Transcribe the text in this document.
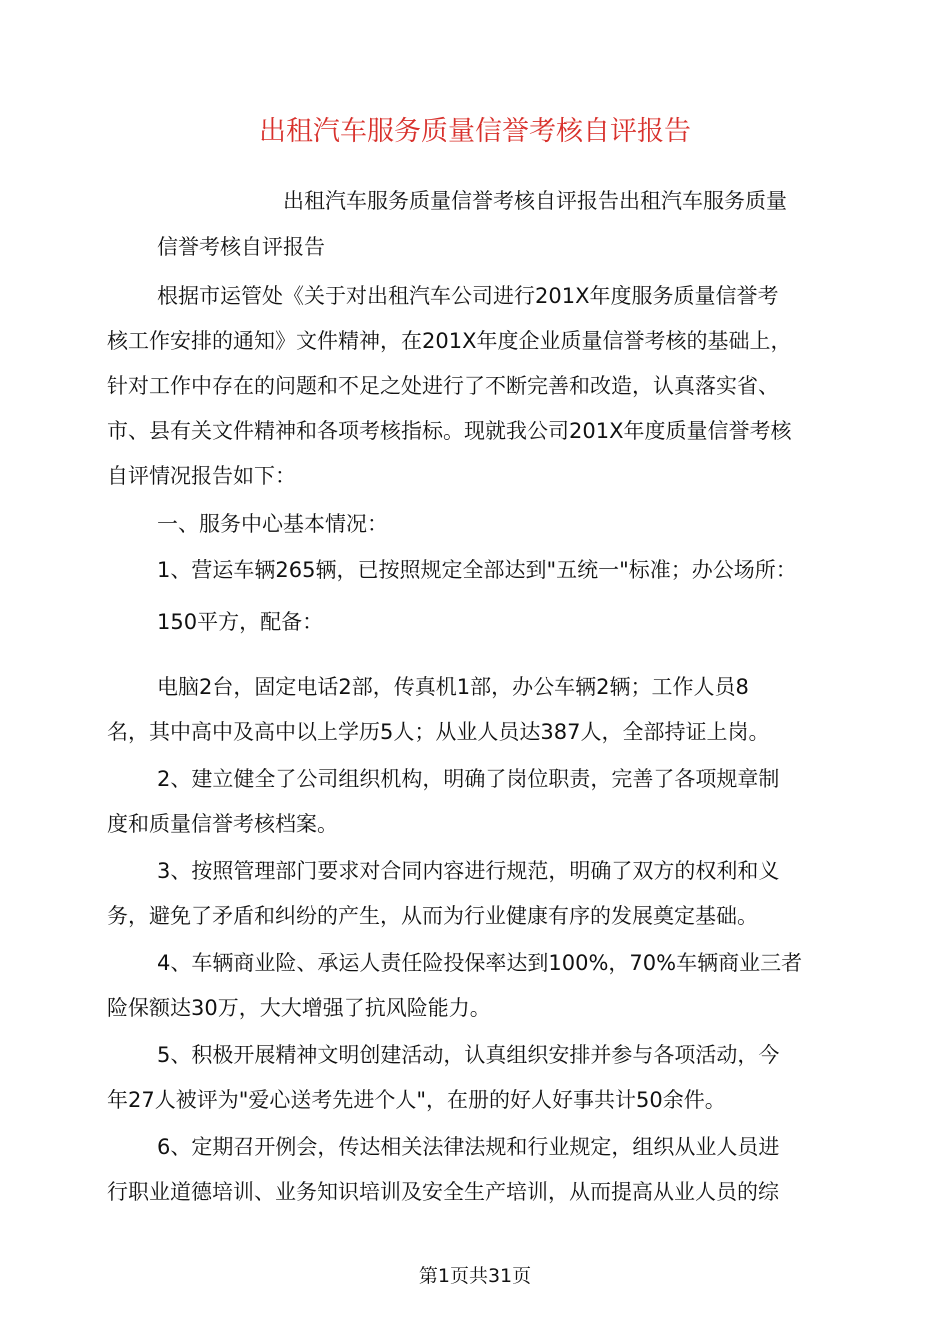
出租汽车服务质量信誉考核自评报告
出租汽车服务质量信誉考核自评报告出租汽车服务质量
信誉考核自评报告
根据市运管处《关于对出租汽车公司进行201X年度服务质量信誉考
核工作安排的通知》文件精神，在201X年度企业质量信誉考核的基础上，
针对工作中存在的问题和不足之处进行了不断完善和改造，认真落实省、
市、县有关文件精神和各项考核指标。现就我公司201X年度质量信誉考核
自评情况报告如下：
一、服务中心基本情况：
1、营运车辆265辆，已按照规定全部达到"五统一"标准；办公场所：
150平方，配备：
电脑2台，固定电话2部，传真机1部，办公车辆2辆；工作人员8
名，其中高中及高中以上学历5人；从业人员达387人，全部持证上岗。
2、建立健全了公司组织机构，明确了岗位职责，完善了各项规章制
度和质量信誉考核档案。
3、按照管理部门要求对合同内容进行规范，明确了双方的权利和义
务，避免了矛盾和纠纷的产生，从而为行业健康有序的发展奠定基础。
4、车辆商业险、承运人责任险投保率达到100%，70%车辆商业三者
险保额达30万，大大增强了抗风险能力。
5、积极开展精神文明创建活动，认真组织安排并参与各项活动，今
年27人被评为"爱心送考先进个人"，在册的好人好事共计50余件。
6、定期召开例会，传达相关法律法规和行业规定，组织从业人员进
行职业道德培训、业务知识培训及安全生产培训，从而提高从业人员的综
第1页共31页
